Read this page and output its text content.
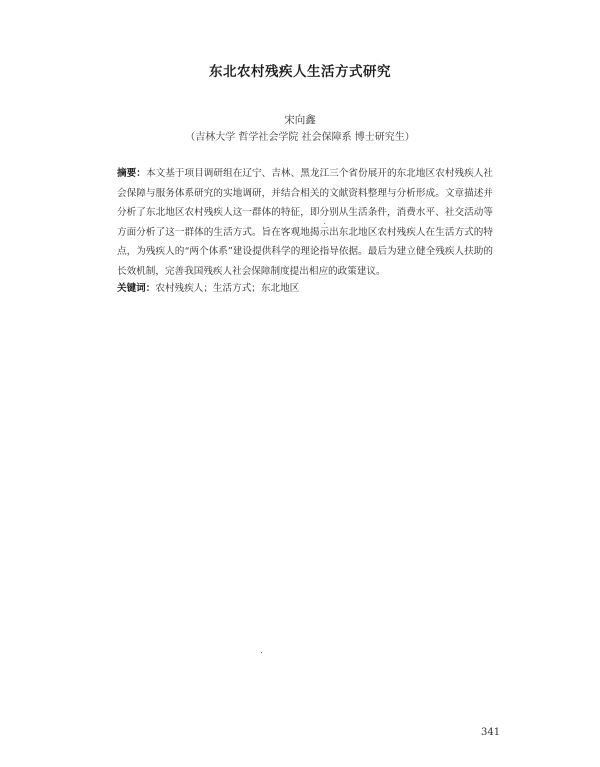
东北农村残疾人生活方式研究
宋向鑫
（吉林大学 哲学社会学院 社会保障系 博士研究生）
摘要：本文基于项目调研组在辽宁、吉林、黑龙江三个省份展开的东北地区农村残疾人社会保障与服务体系研究的实地调研，并结合相关的文献资料整理与分析形成。文章描述并分析了东北地区农村残疾人这一群体的特征，即分别从生活条件，消费水平、社交活动等方面分析了这一群体的生活方式。旨在客观地揭示出东北地区农村残疾人在生活方式的特点，为残疾人的“两个体系”建设提供科学的理论指导依据。最后为建立健全残疾人扶助的长效机制，完善我国残疾人社会保障制度提出相应的政策建议。
关键词：农村残疾人；生活方式；东北地区
341
